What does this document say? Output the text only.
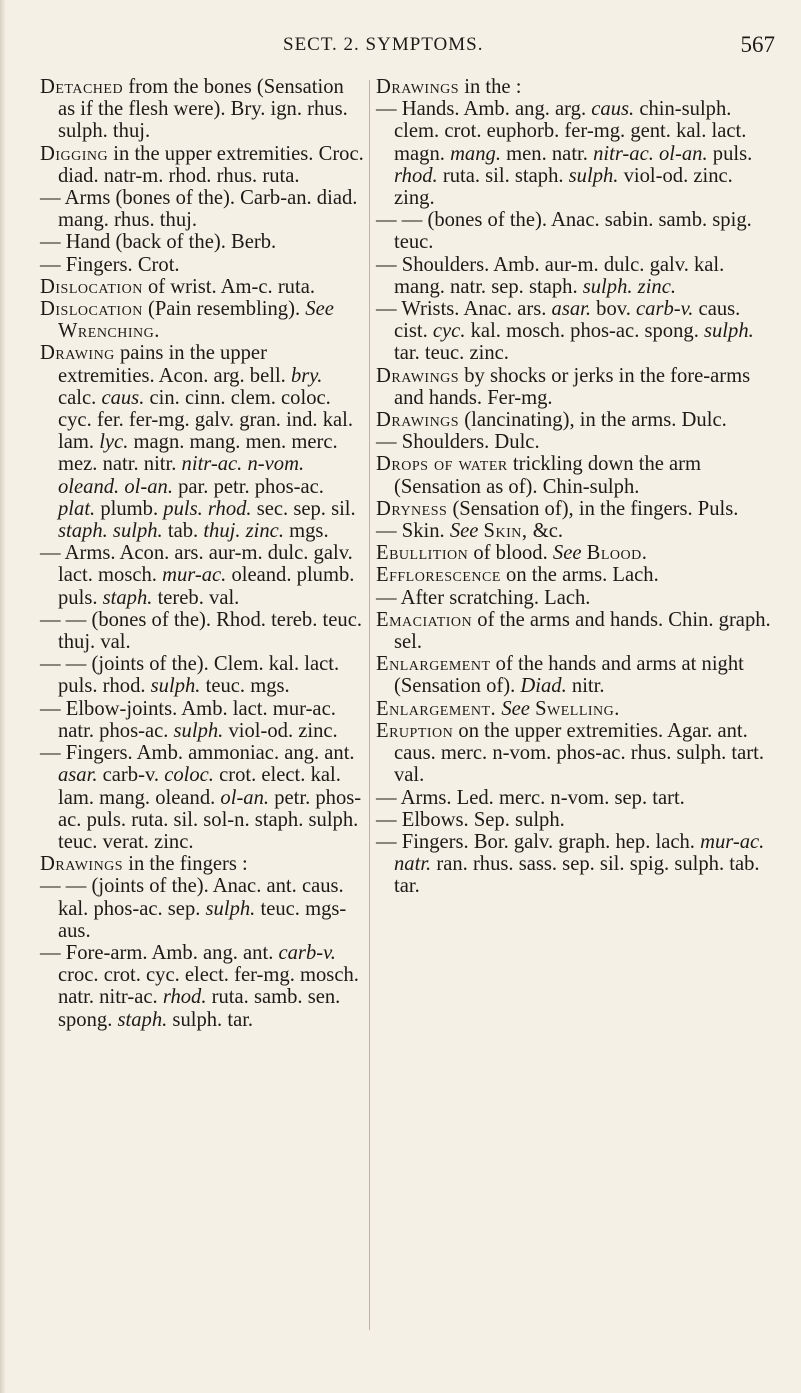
SECT. 2. SYMPTOMS.	567

Detached from the bones (Sensation as if the flesh were). Bry. ign. rhus. sulph. thuj.

Digging in the upper extremities. Croc. diad. natr-m. rhod. rhus. ruta.

— Arms (bones of the). Carb-an. diad. mang. rhus. thuj.

— Hand (back of the). Berb.

— Fingers. Crot.

Dislocation of wrist. Am-c. ruta.

Dislocation (Pain resembling). See Wrenching.

Drawing pains in the upper extremities. Acon. arg. bell. bry. calc. caus. cin. cinn. clem. coloc. cyc. fer. fer-mg. galv. gran. ind. kal. lam. lyc. magn. mang. men. merc. mez. natr. nitr. nitr-ac. n-vom. oleand. ol-an. par. petr. phos-ac. plat. plumb. puls. rhod. sec. sep. sil. staph. sulph. tab. thuj. zinc. mgs.

— Arms. Acon. ars. aur-m. dulc. galv. lact. mosch. mur-ac. oleand. plumb. puls. staph. tereb. val.

— — (bones of the). Rhod. tereb. teuc. thuj. val.

— — (joints of the). Clem. kal. lact. puls. rhod. sulph. teuc. mgs.

— Elbow-joints. Amb. lact. mur-ac. natr. phos-ac. sulph. viol-od. zinc.

— Fingers. Amb. ammoniac. ang. ant. asar. carb-v. coloc. crot. elect. kal. lam. mang. oleand. ol-an. petr. phos-ac. puls. ruta. sil. sol-n. staph. sulph. teuc. verat. zinc.

Drawings in the fingers :

— — (joints of the). Anac. ant. caus. kal. phos-ac. sep. sulph. teuc. mgs-aus.

— Fore-arm. Amb. ang. ant. carb-v. croc. crot. cyc. elect. fer-mg. mosch. natr. nitr-ac. rhod. ruta. samb. sen. spong. staph. sulph. tar.

Drawings in the :

— Hands. Amb. ang. arg. caus. chin-sulph. clem. crot. euphorb. fer-mg. gent. kal. lact. magn. mang. men. natr. nitr-ac. ol-an. puls. rhod. ruta. sil. staph. sulph. viol-od. zinc. zing.

— — (bones of the). Anac. sabin. samb. spig. teuc.

— Shoulders. Amb. aur-m. dulc. galv. kal. mang. natr. sep. staph. sulph. zinc.

— Wrists. Anac. ars. asar. bov. carb-v. caus. cist. cyc. kal. mosch. phos-ac. spong. sulph. tar. teuc. zinc.

Drawings by shocks or jerks in the fore-arms and hands. Fer-mg.

Drawings (lancinating), in the arms. Dulc.

— Shoulders. Dulc.

Drops of water trickling down the arm (Sensation as of). Chin-sulph.

Dryness (Sensation of), in the fingers. Puls.

— Skin. See Skin, &c.

Ebullition of blood. See Blood.

Efflorescence on the arms. Lach.

— After scratching. Lach.

Emaciation of the arms and hands. Chin. graph. sel.

Enlargement of the hands and arms at night (Sensation of). Diad. nitr.

Enlargement. See Swelling.

Eruption on the upper extremities. Agar. ant. caus. merc. n-vom. phos-ac. rhus. sulph. tart. val.

— Arms. Led. merc. n-vom. sep. tart.

— Elbows. Sep. sulph.

— Fingers. Bor. galv. graph. hep. lach. mur-ac. natr. ran. rhus. sass. sep. sil. spig. sulph. tab. tar.
